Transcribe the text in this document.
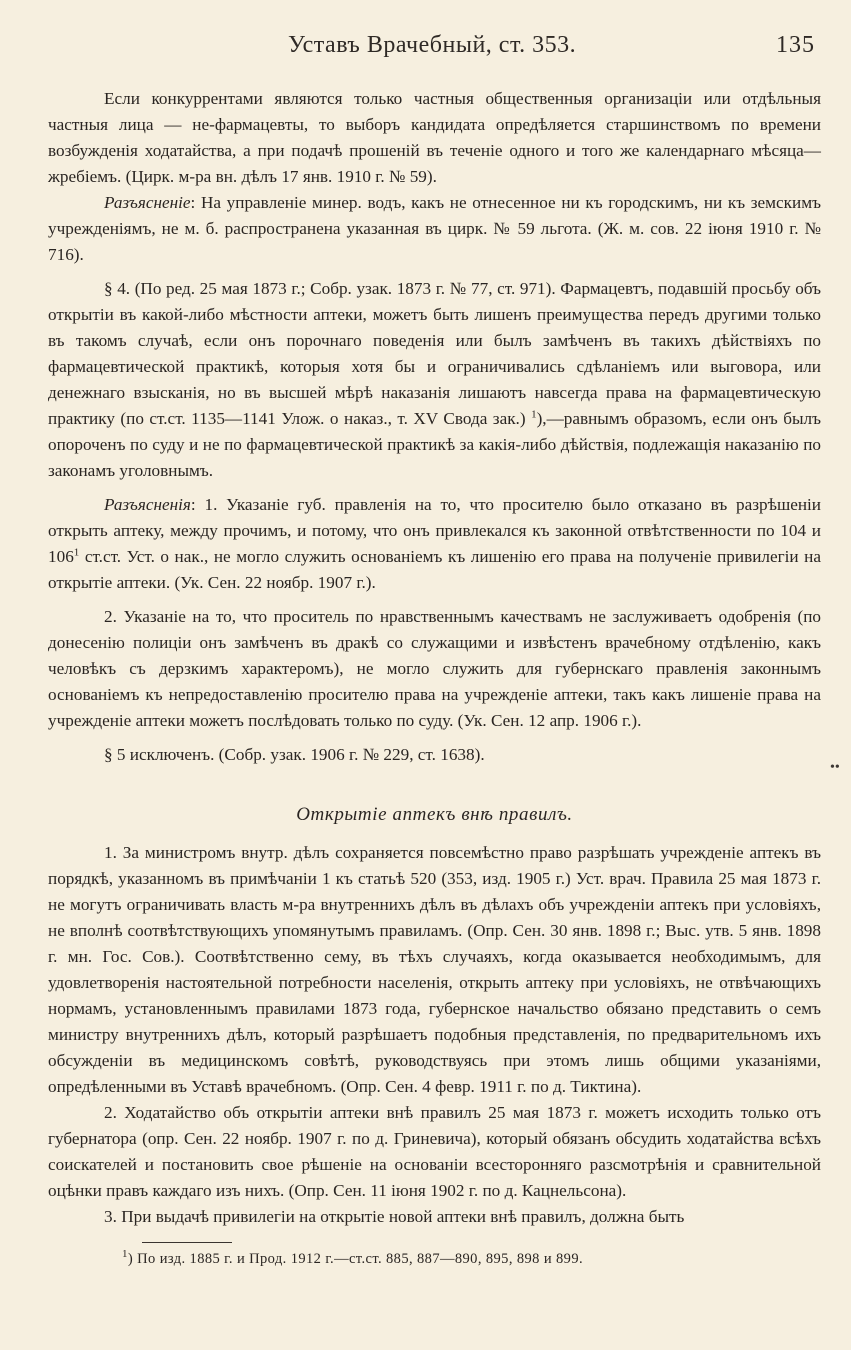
Уставъ Врачебный, ст. 353.	135

Если конкуррентами являются только частныя общественныя организаціи или отдѣльныя частныя лица — не-фармацевты, то выборъ кандидата опредѣляется старшинствомъ по времени возбужденія ходатайства, а при подачѣ прошеній въ теченіе одного и того же календарнаго мѣсяца—жребіемъ. (Цирк. м-ра вн. дѣлъ 17 янв. 1910 г. № 59).

Разъясненіе: На управленіе минер. водъ, какъ не отнесенное ни къ городскимъ, ни къ земскимъ учрежденіямъ, не м. б. распространена указанная въ цирк. № 59 льгота. (Ж. м. сов. 22 іюня 1910 г. № 716).

§ 4. (По ред. 25 мая 1873 г.; Собр. узак. 1873 г. № 77, ст. 971). Фармацевтъ, подавшій просьбу объ открытіи въ какой-либо мѣстности аптеки, можетъ быть лишенъ преимущества передъ другими только въ такомъ случаѣ, если онъ порочнаго поведенія или былъ замѣченъ въ такихъ дѣйствіяхъ по фармацевтической практикѣ, которыя хотя бы и ограничивались сдѣланіемъ или выговора, или денежнаго взысканія, но въ высшей мѣрѣ наказанія лишаютъ навсегда права на фармацевтическую практику (по ст.ст. 1135—1141 Улож. о наказ., т. XV Свода зак.) $^1$),—равнымъ образомъ, если онъ былъ опороченъ по суду и не по фармацевтической практикѣ за какія-либо дѣйствія, подлежащія наказанію по законамъ уголовнымъ.

Разъясненія: 1. Указаніе губ. правленія на то, что просителю было отказано въ разрѣшеніи открыть аптеку, между прочимъ, и потому, что онъ привлекался къ законной отвѣтственности по 104 и $106^1$ ст.ст. Уст. о нак., не могло служить основаніемъ къ лишенію его права на полученіе привилегіи на открытіе аптеки. (Ук. Сен. 22 ноябр. 1907 г.).

2. Указаніе на то, что проситель по нравственнымъ качествамъ не заслуживаетъ одобренія (по донесенію полиціи онъ замѣченъ въ дракѣ со служащими и извѣстенъ врачебному отдѣленію, какъ человѣкъ съ дерзкимъ характеромъ), не могло служить для губернскаго правленія законнымъ основаніемъ къ непредоставленію просителю права на учрежденіе аптеки, такъ какъ лишеніе права на учрежденіе аптеки можетъ послѣдовать только по суду. (Ук. Сен. 12 апр. 1906 г.).

§ 5 исключенъ. (Собр. узак. 1906 г. № 229, ст. 1638).

Открытіе аптекъ внѣ правилъ.

1. За министромъ внутр. дѣлъ сохраняется повсемѣстно право разрѣшать учрежденіе аптекъ въ порядкѣ, указанномъ въ примѣчаніи 1 къ статьѣ 520 (353, изд. 1905 г.) Уст. врач. Правила 25 мая 1873 г. не могутъ ограничивать власть м-ра внутреннихъ дѣлъ въ дѣлахъ объ учрежденіи аптекъ при условіяхъ, не вполнѣ соотвѣтствующихъ упомянутымъ правиламъ. (Опр. Сен. 30 янв. 1898 г.; Выс. утв. 5 янв. 1898 г. мн. Гос. Сов.). Соотвѣтственно сему, въ тѣхъ случаяхъ, когда оказывается необходимымъ, для удовлетворенія настоятельной потребности населенія, открыть аптеку при условіяхъ, не отвѣчающихъ нормамъ, установленнымъ правилами 1873 года, губернское начальство обязано представить о семъ министру внутреннихъ дѣлъ, который разрѣшаетъ подобныя представленія, по предварительномъ ихъ обсужденіи въ медицинскомъ совѣтѣ, руководствуясь при этомъ лишь общими указаніями, опредѣленными въ Уставѣ врачебномъ. (Опр. Сен. 4 февр. 1911 г. по д. Тиктина).

2. Ходатайство объ открытіи аптеки внѣ правилъ 25 мая 1873 г. можетъ исходить только отъ губернатора (опр. Сен. 22 ноябр. 1907 г. по д. Гриневича), который обязанъ обсудить ходатайства всѣхъ соискателей и постановить свое рѣшеніе на основаніи всесторонняго разсмотрѣнія и сравнительной оцѣнки правъ каждаго изъ нихъ. (Опр. Сен. 11 іюня 1902 г. по д. Кацнельсона).

3. При выдачѣ привилегіи на открытіе новой аптеки внѣ правилъ, должна быть

$^1$) По изд. 1885 г. и Прод. 1912 г.—ст.ст. 885, 887—890, 895, 898 и 899.
••
